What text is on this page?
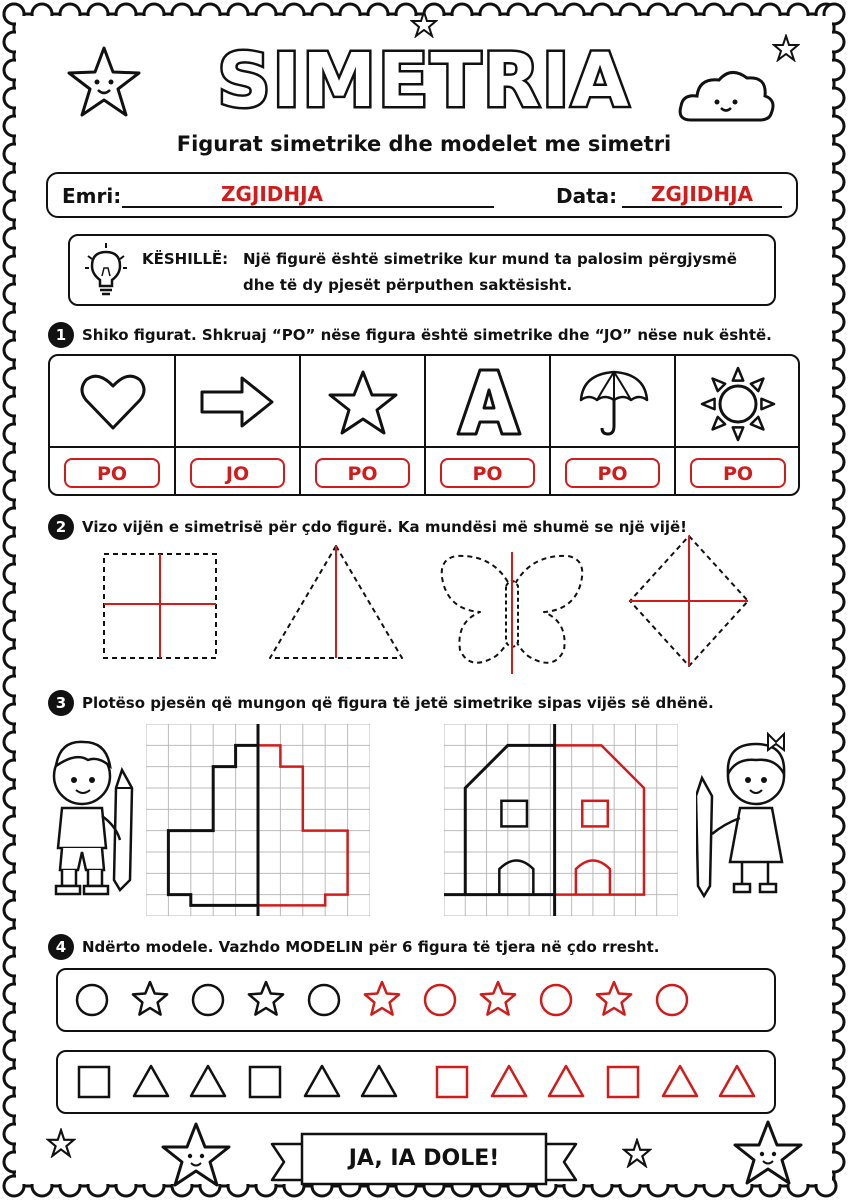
SIMETRIA
Figurat simetrike dhe modelet me simetri
Emri:	ZGJIDHJA	Data:	ZGJIDHJA
KËSHILLË: Një figurë është simetrike kur mund ta palosim përgjysmë
dhe të dy pjesët përputhen saktësisht.
1	Shiko figurat. Shkruaj “PO” nëse figura është simetrike dhe “JO” nëse nuk është.
PO	JO	PO	PO	PO	PO
2	Vizo vijën e simetrisë për çdo figurë. Ka mundësi më shumë se një vijë!
3	Plotëso pjesën që mungon që figura të jetë simetrike sipas vijës së dhënë.
4	Ndërto modele. Vazhdo MODELIN për 6 figura të tjera në çdo rresht.
JA, IA DOLE!
